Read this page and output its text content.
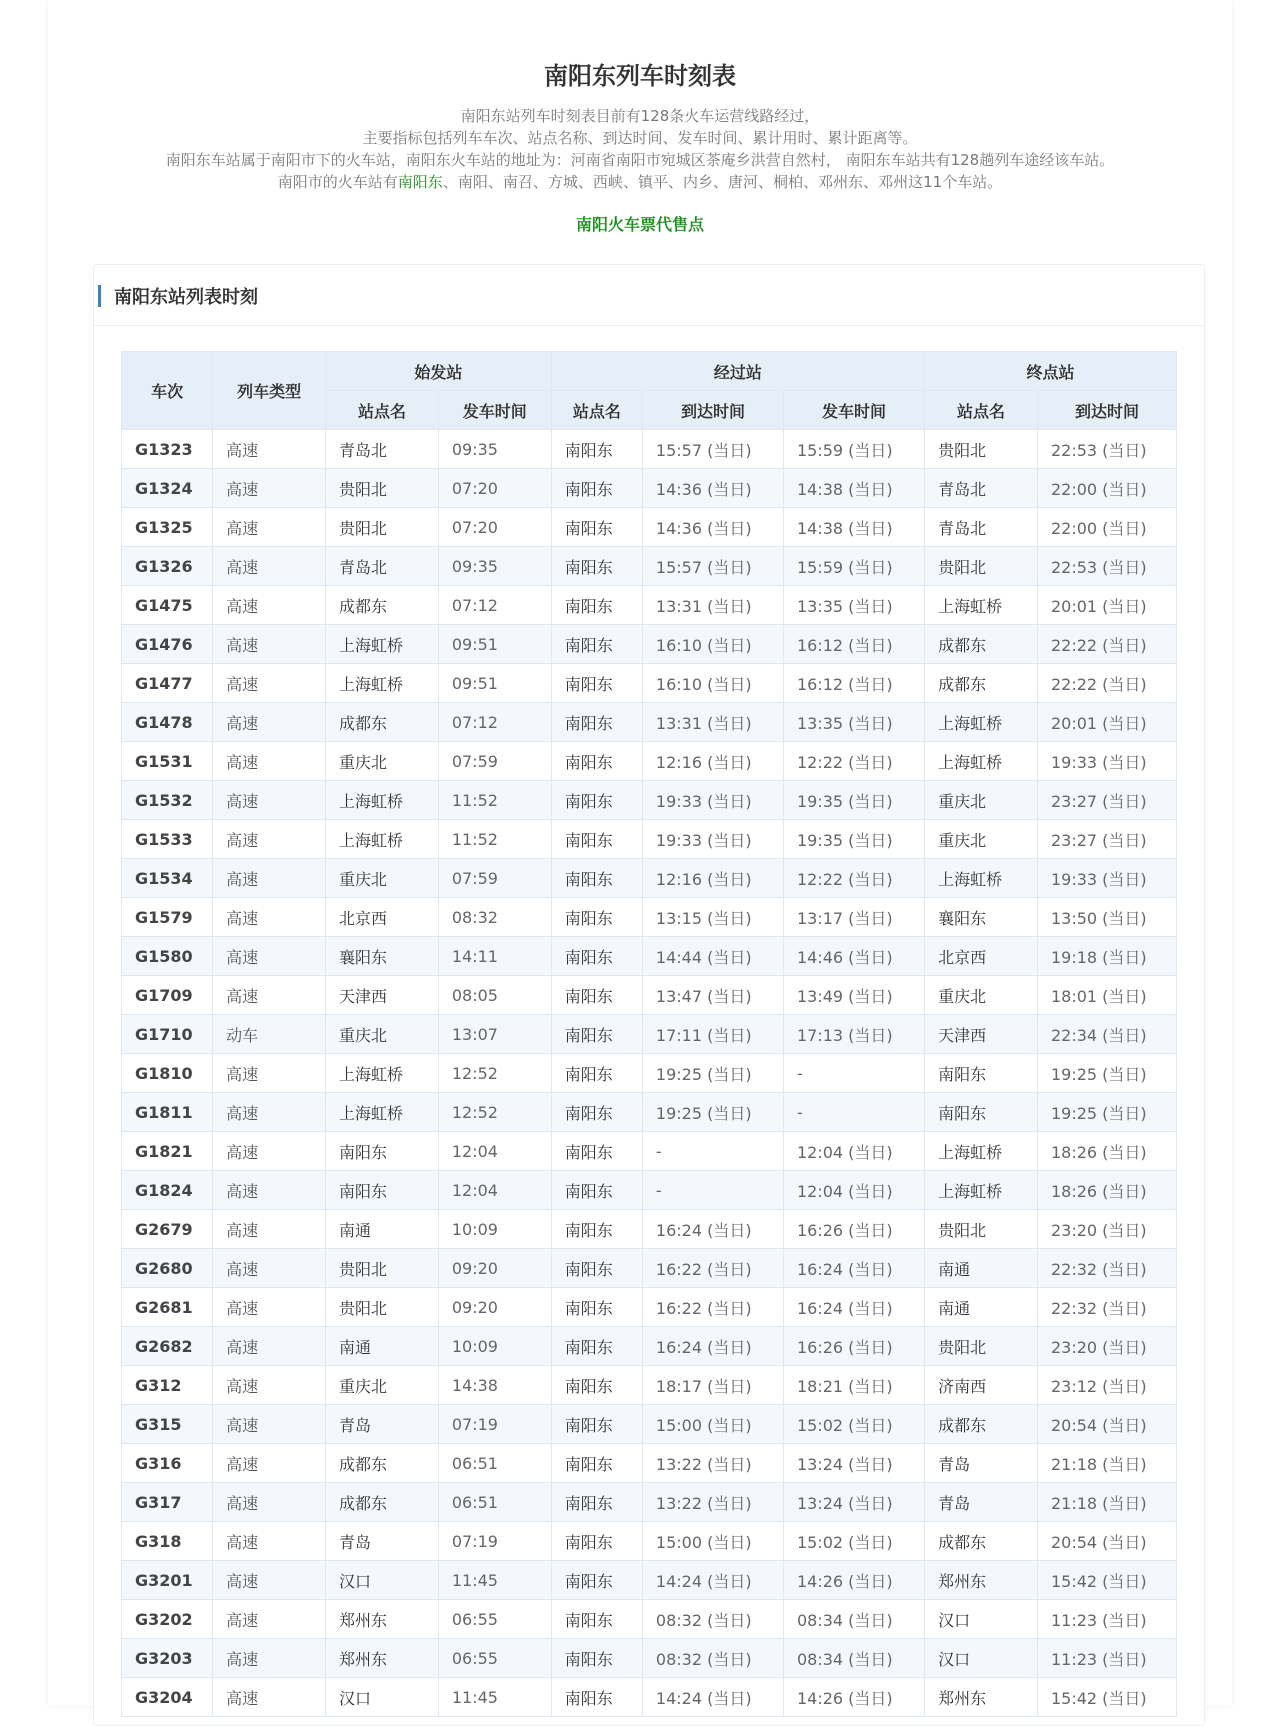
南阳东列车时刻表
南阳东站列车时刻表目前有128条火车运营线路经过，
主要指标包括列车车次、站点名称、到达时间、发车时间、累计用时、累计距离等。
南阳东车站属于南阳市下的火车站，南阳东火车站的地址为：河南省南阳市宛城区茶庵乡洪营自然村， 南阳东车站共有128趟列车途经该车站。
南阳市的火车站有南阳东、南阳、南召、方城、西峡、镇平、内乡、唐河、桐柏、邓州东、邓州这11个车站。
南阳火车票代售点
南阳东站列表时刻
车次	列车类型	始发站		经过站			终点站	
		站点名	发车时间	站点名	到达时间	发车时间	站点名	到达时间
G1323	高速	青岛北	09:35	南阳东	15:57 (当日)	15:59 (当日)	贵阳北	22:53 (当日)
G1324	高速	贵阳北	07:20	南阳东	14:36 (当日)	14:38 (当日)	青岛北	22:00 (当日)
G1325	高速	贵阳北	07:20	南阳东	14:36 (当日)	14:38 (当日)	青岛北	22:00 (当日)
G1326	高速	青岛北	09:35	南阳东	15:57 (当日)	15:59 (当日)	贵阳北	22:53 (当日)
G1475	高速	成都东	07:12	南阳东	13:31 (当日)	13:35 (当日)	上海虹桥	20:01 (当日)
G1476	高速	上海虹桥	09:51	南阳东	16:10 (当日)	16:12 (当日)	成都东	22:22 (当日)
G1477	高速	上海虹桥	09:51	南阳东	16:10 (当日)	16:12 (当日)	成都东	22:22 (当日)
G1478	高速	成都东	07:12	南阳东	13:31 (当日)	13:35 (当日)	上海虹桥	20:01 (当日)
G1531	高速	重庆北	07:59	南阳东	12:16 (当日)	12:22 (当日)	上海虹桥	19:33 (当日)
G1532	高速	上海虹桥	11:52	南阳东	19:33 (当日)	19:35 (当日)	重庆北	23:27 (当日)
G1533	高速	上海虹桥	11:52	南阳东	19:33 (当日)	19:35 (当日)	重庆北	23:27 (当日)
G1534	高速	重庆北	07:59	南阳东	12:16 (当日)	12:22 (当日)	上海虹桥	19:33 (当日)
G1579	高速	北京西	08:32	南阳东	13:15 (当日)	13:17 (当日)	襄阳东	13:50 (当日)
G1580	高速	襄阳东	14:11	南阳东	14:44 (当日)	14:46 (当日)	北京西	19:18 (当日)
G1709	高速	天津西	08:05	南阳东	13:47 (当日)	13:49 (当日)	重庆北	18:01 (当日)
G1710	动车	重庆北	13:07	南阳东	17:11 (当日)	17:13 (当日)	天津西	22:34 (当日)
G1810	高速	上海虹桥	12:52	南阳东	19:25 (当日)	-	南阳东	19:25 (当日)
G1811	高速	上海虹桥	12:52	南阳东	19:25 (当日)	-	南阳东	19:25 (当日)
G1821	高速	南阳东	12:04	南阳东	-	12:04 (当日)	上海虹桥	18:26 (当日)
G1824	高速	南阳东	12:04	南阳东	-	12:04 (当日)	上海虹桥	18:26 (当日)
G2679	高速	南通	10:09	南阳东	16:24 (当日)	16:26 (当日)	贵阳北	23:20 (当日)
G2680	高速	贵阳北	09:20	南阳东	16:22 (当日)	16:24 (当日)	南通	22:32 (当日)
G2681	高速	贵阳北	09:20	南阳东	16:22 (当日)	16:24 (当日)	南通	22:32 (当日)
G2682	高速	南通	10:09	南阳东	16:24 (当日)	16:26 (当日)	贵阳北	23:20 (当日)
G312	高速	重庆北	14:38	南阳东	18:17 (当日)	18:21 (当日)	济南西	23:12 (当日)
G315	高速	青岛	07:19	南阳东	15:00 (当日)	15:02 (当日)	成都东	20:54 (当日)
G316	高速	成都东	06:51	南阳东	13:22 (当日)	13:24 (当日)	青岛	21:18 (当日)
G317	高速	成都东	06:51	南阳东	13:22 (当日)	13:24 (当日)	青岛	21:18 (当日)
G318	高速	青岛	07:19	南阳东	15:00 (当日)	15:02 (当日)	成都东	20:54 (当日)
G3201	高速	汉口	11:45	南阳东	14:24 (当日)	14:26 (当日)	郑州东	15:42 (当日)
G3202	高速	郑州东	06:55	南阳东	08:32 (当日)	08:34 (当日)	汉口	11:23 (当日)
G3203	高速	郑州东	06:55	南阳东	08:32 (当日)	08:34 (当日)	汉口	11:23 (当日)
G3204	高速	汉口	11:45	南阳东	14:24 (当日)	14:26 (当日)	郑州东	15:42 (当日)
